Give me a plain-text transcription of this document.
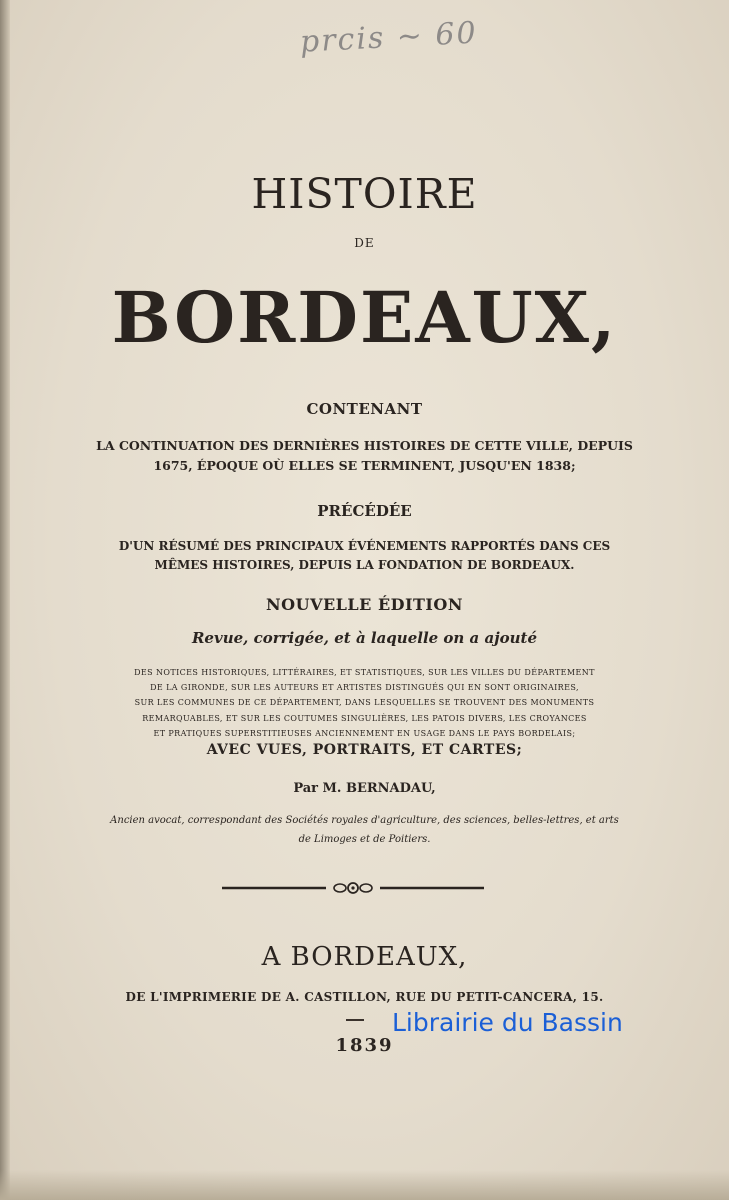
prcis ~ 60
HISTOIRE
DE
BORDEAUX,
CONTENANT
LA CONTINUATION DES DERNIÈRES HISTOIRES DE CETTE VILLE, DEPUIS
1675, ÉPOQUE OÙ ELLES SE TERMINENT, JUSQU'EN 1838;
PRÉCÉDÉE
D'UN RÉSUMÉ DES PRINCIPAUX ÉVÉNEMENTS RAPPORTÉS DANS CES
MÊMES HISTOIRES, DEPUIS LA FONDATION DE BORDEAUX.
NOUVELLE ÉDITION
Revue, corrigée, et à laquelle on a ajouté
DES NOTICES HISTORIQUES, LITTÉRAIRES, ET STATISTIQUES, SUR LES VILLES DU DÉPARTEMENT
DE LA GIRONDE, SUR LES AUTEURS ET ARTISTES DISTINGUÉS QUI EN SONT ORIGINAIRES,
SUR LES COMMUNES DE CE DÉPARTEMENT, DANS LESQUELLES SE TROUVENT DES MONUMENTS
REMARQUABLES, ET SUR LES COUTUMES SINGULIÈRES, LES PATOIS DIVERS, LES CROYANCES
ET PRATIQUES SUPERSTITIEUSES ANCIENNEMENT EN USAGE DANS LE PAYS BORDELAIS;
AVEC VUES, PORTRAITS, ET CARTES;
Par M. BERNADAU,
Ancien avocat, correspondant des Sociétés royales d'agriculture, des sciences, belles-lettres, et arts
de Limoges et de Poitiers.
A BORDEAUX,
DE L'IMPRIMERIE DE A. CASTILLON, RUE DU PETIT-CANCERA, 15.
1839
Librairie du Bassin
